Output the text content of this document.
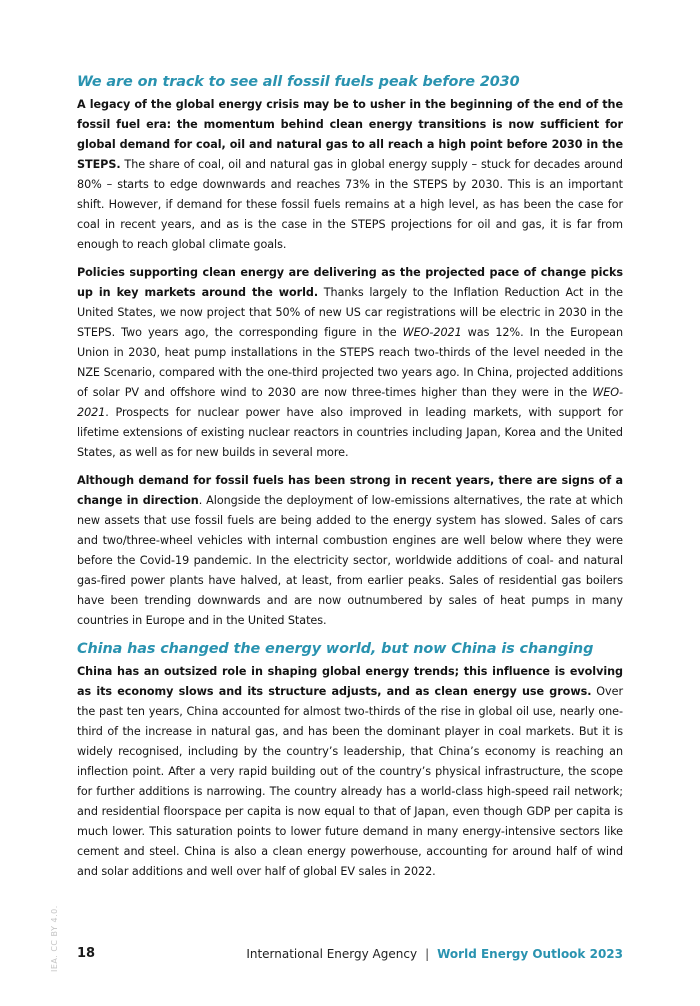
We are on track to see all fossil fuels peak before 2030

A legacy of the global energy crisis may be to usher in the beginning of the end of the fossil fuel era: the momentum behind clean energy transitions is now sufficient for global demand for coal, oil and natural gas to all reach a high point before 2030 in the STEPS. The share of coal, oil and natural gas in global energy supply – stuck for decades around 80% – starts to edge downwards and reaches 73% in the STEPS by 2030. This is an important shift. However, if demand for these fossil fuels remains at a high level, as has been the case for coal in recent years, and as is the case in the STEPS projections for oil and gas, it is far from enough to reach global climate goals.

Policies supporting clean energy are delivering as the projected pace of change picks up in key markets around the world. Thanks largely to the Inflation Reduction Act in the United States, we now project that 50% of new US car registrations will be electric in 2030 in the STEPS. Two years ago, the corresponding figure in the WEO-2021 was 12%. In the European Union in 2030, heat pump installations in the STEPS reach two-thirds of the level needed in the NZE Scenario, compared with the one-third projected two years ago. In China, projected additions of solar PV and offshore wind to 2030 are now three-times higher than they were in the WEO-2021. Prospects for nuclear power have also improved in leading markets, with support for lifetime extensions of existing nuclear reactors in countries including Japan, Korea and the United States, as well as for new builds in several more.

Although demand for fossil fuels has been strong in recent years, there are signs of a change in direction. Alongside the deployment of low-emissions alternatives, the rate at which new assets that use fossil fuels are being added to the energy system has slowed. Sales of cars and two/three-wheel vehicles with internal combustion engines are well below where they were before the Covid-19 pandemic. In the electricity sector, worldwide additions of coal- and natural gas-fired power plants have halved, at least, from earlier peaks. Sales of residential gas boilers have been trending downwards and are now outnumbered by sales of heat pumps in many countries in Europe and in the United States.

China has changed the energy world, but now China is changing

China has an outsized role in shaping global energy trends; this influence is evolving as its economy slows and its structure adjusts, and as clean energy use grows. Over the past ten years, China accounted for almost two-thirds of the rise in global oil use, nearly one-third of the increase in natural gas, and has been the dominant player in coal markets. But it is widely recognised, including by the country’s leadership, that China’s economy is reaching an inflection point. After a very rapid building out of the country’s physical infrastructure, the scope for further additions is narrowing. The country already has a world-class high-speed rail network; and residential floorspace per capita is now equal to that of Japan, even though GDP per capita is much lower. This saturation points to lower future demand in many energy-intensive sectors like cement and steel. China is also a clean energy powerhouse, accounting for around half of wind and solar additions and well over half of global EV sales in 2022.

IEA. CC BY 4.0. 18	International Energy Agency | World Energy Outlook 2023
